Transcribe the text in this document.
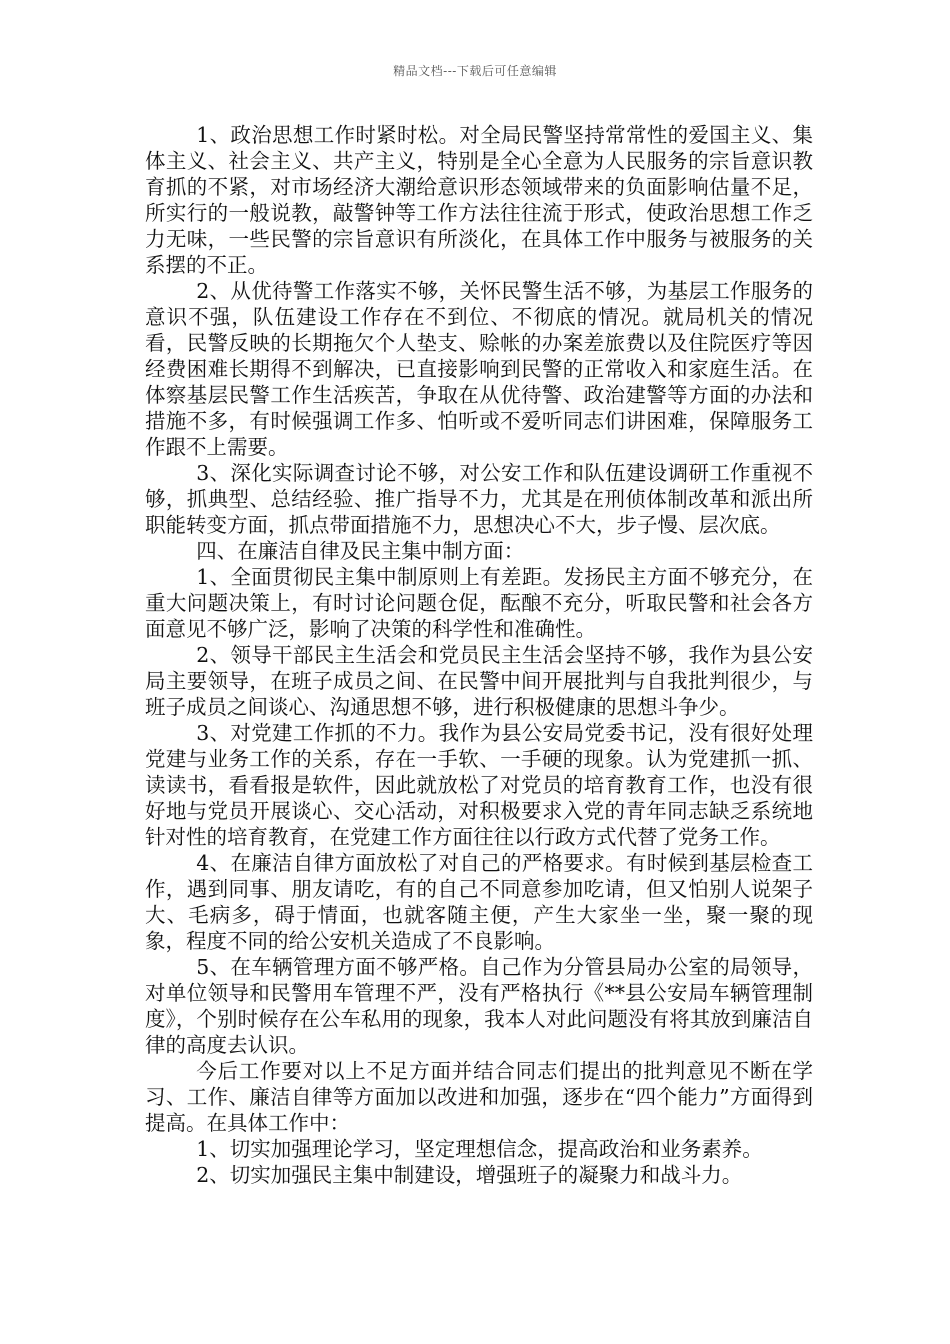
精品文档---下载后可任意编辑

1、政治思想工作时紧时松。对全局民警坚持常常性的爱国主义、集体主义、社会主义、共产主义，特别是全心全意为人民服务的宗旨意识教育抓的不紧，对市场经济大潮给意识形态领域带来的负面影响估量不足，所实行的一般说教，敲警钟等工作方法往往流于形式，使政治思想工作乏力无味，一些民警的宗旨意识有所淡化，在具体工作中服务与被服务的关系摆的不正。

2、从优待警工作落实不够，关怀民警生活不够，为基层工作服务的意识不强，队伍建设工作存在不到位、不彻底的情况。就局机关的情况看，民警反映的长期拖欠个人垫支、赊帐的办案差旅费以及住院医疗等因经费困难长期得不到解决，已直接影响到民警的正常收入和家庭生活。在体察基层民警工作生活疾苦，争取在从优待警、政治建警等方面的办法和措施不多，有时候强调工作多、怕听或不爱听同志们讲困难，保障服务工作跟不上需要。

3、深化实际调查讨论不够，对公安工作和队伍建设调研工作重视不够，抓典型、总结经验、推广指导不力，尤其是在刑侦体制改革和派出所职能转变方面，抓点带面措施不力，思想决心不大，步子慢、层次底。

四、在廉洁自律及民主集中制方面：

1、全面贯彻民主集中制原则上有差距。发扬民主方面不够充分，在重大问题决策上，有时讨论问题仓促，酝酿不充分，听取民警和社会各方面意见不够广泛，影响了决策的科学性和准确性。

2、领导干部民主生活会和党员民主生活会坚持不够，我作为县公安局主要领导，在班子成员之间、在民警中间开展批判与自我批判很少，与班子成员之间谈心、沟通思想不够，进行积极健康的思想斗争少。

3、对党建工作抓的不力。我作为县公安局党委书记，没有很好处理党建与业务工作的关系，存在一手软、一手硬的现象。认为党建抓一抓、读读书，看看报是软件，因此就放松了对党员的培育教育工作，也没有很好地与党员开展谈心、交心活动，对积极要求入党的青年同志缺乏系统地针对性的培育教育，在党建工作方面往往以行政方式代替了党务工作。

4、在廉洁自律方面放松了对自己的严格要求。有时候到基层检查工作，遇到同事、朋友请吃，有的自己不同意参加吃请，但又怕别人说架子大、毛病多，碍于情面，也就客随主便，产生大家坐一坐，聚一聚的现象，程度不同的给公安机关造成了不良影响。

5、在车辆管理方面不够严格。自己作为分管县局办公室的局领导，对单位领导和民警用车管理不严，没有严格执行《**县公安局车辆管理制度》，个别时候存在公车私用的现象，我本人对此问题没有将其放到廉洁自律的高度去认识。

今后工作要对以上不足方面并结合同志们提出的批判意见不断在学习、工作、廉洁自律等方面加以改进和加强，逐步在“四个能力”方面得到提高。在具体工作中：

1、切实加强理论学习，坚定理想信念，提高政治和业务素养。

2、切实加强民主集中制建设，增强班子的凝聚力和战斗力。
